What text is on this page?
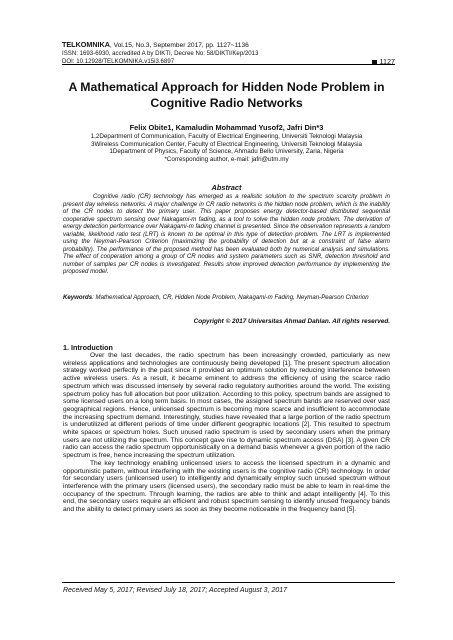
TELKOMNIKA, Vol.15, No.3, September 2017, pp. 1127~1136
ISSN: 1693-6930, accredited A by DIKTI, Decree No: 58/DIKTI/Kep/2013
DOI: 10.12928/TELKOMNIKA.v15i3.6897	1127
A Mathematical Approach for Hidden Node Problem in Cognitive Radio Networks
Felix Obite1, Kamaludin Mohammad Yusof2, Jafri Din*3
1,2Department of Communication, Faculty of Electrical Engineering, Universiti Teknologi Malaysia
3Wireless Communication Center, Faculty of Electrical Engineering, Universiti Teknologi Malaysia
1Department of Physics, Faculty of Science, Ahmadu Bello University, Zaria, Nigeria
*Corresponding author, e-mail: jafri@utm.my
Abstract

Cognitive radio (CR) technology has emerged as a realistic solution to the spectrum scarcity problem in present day wireless networks. A major challenge in CR radio networks is the hidden node problem, which is the inability of the CR nodes to detect the primary user. This paper proposes energy detector-based distributed sequential cooperative spectrum sensing over Nakagami-m fading, as a tool to solve the hidden node problem. The derivation of energy detection performance over Nakagami-m fading channel is presented. Since the observation represents a random variable, likelihood ratio test (LRT) is known to be optimal in this type of detection problem. The LRT is implemented using the Neyman-Pearson Criterion (maximizing the probability of detection but at a constraint of false alarm probability). The performance of the proposed method has been evaluated both by numerical analysis and simulations. The effect of cooperation among a group of CR nodes and system parameters such as SNR, detection threshold and number of samples per CR nodes is investigated. Results show improved detection performance by implementing the proposed model.

Keywords: Mathematical Approach, CR, Hidden Node Problem, Nakagami-m Fading, Neyman-Pearson Criterion

Copyright © 2017 Universitas Ahmad Dahlan. All rights reserved.
1. Introduction

Over the last decades, the radio spectrum has been increasingly crowded, particularly as new wireless applications and technologies are continuously being developed [1]. The present spectrum allocation strategy worked perfectly in the past since it provided an optimum solution by reducing interference between active wireless users. As a result, it became eminent to address the efficiency of using the scarce radio spectrum which was discussed intensely by several radio regulatory authorities around the world. The existing spectrum policy has full allocation but poor utilization. According to this policy, spectrum bands are assigned to some licensed users on a long term basis. In most cases, the assigned spectrum bands are reserved over vast geographical regions. Hence, unlicensed spectrum is becoming more scarce and insufficient to accommodate the increasing spectrum demand. Interestingly, studies have revealed that a large portion of the radio spectrum is underutilized at different periods of time under different geographic locations [2]. This resulted to spectrum white spaces or spectrum holes. Such unused radio spectrum is used by secondary users when the primary users are not utilizing the spectrum. This concept gave rise to dynamic spectrum access (DSA) [3]. A given CR radio can access the radio spectrum opportunistically on a demand basis whenever a given portion of the radio spectrum is free, hence increasing the spectrum utilization.

The key technology enabling unlicensed users to access the licensed spectrum in a dynamic and opportunistic pattern, without interfering with the existing users is the cognitive radio (CR) technology. In order for secondary users (unlicensed user) to intelligently and dynamically employ such unused spectrum without interference with the primary users (licensed users), the secondary radio must be able to learn in real-time the occupancy of the spectrum. Through learning, the radios are able to think and adapt intelligently [4]. To this end, the secondary users require an efficient and robust spectrum sensing to identify unused frequency bands and the ability to detect primary users as soon as they become noticeable in the frequency band [5].

Received May 5, 2017; Revised July 18, 2017; Accepted August 3, 2017
